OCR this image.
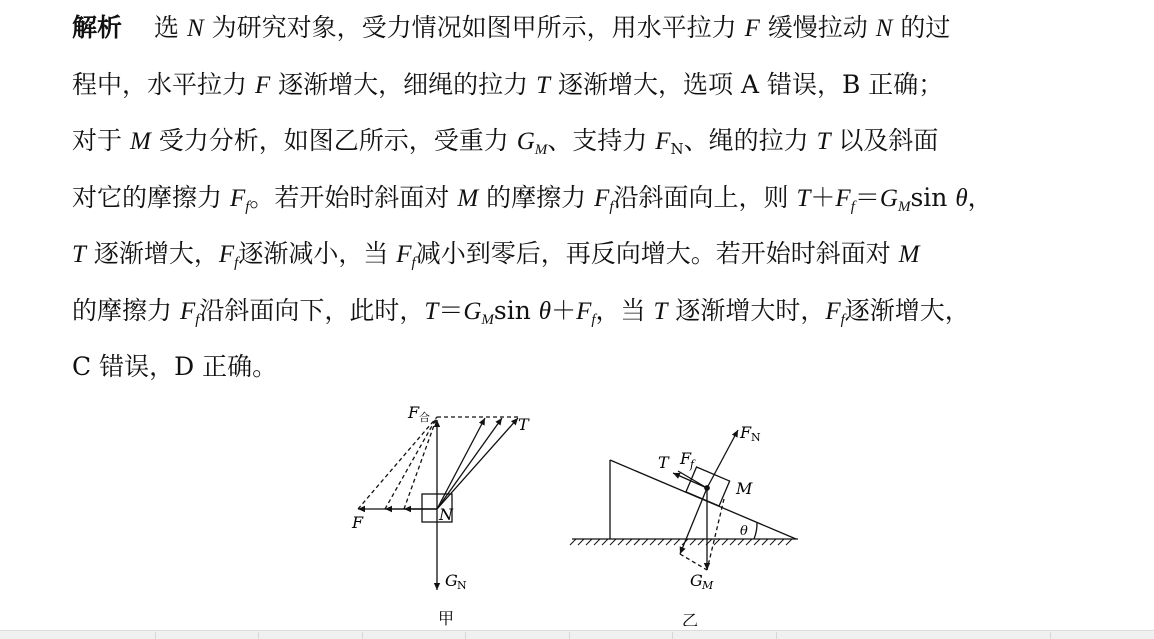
解析 选 N 为研究对象，受力情况如图甲所示，用水平拉力 F 缓慢拉动 N 的过
程中，水平拉力 F 逐渐增大，细绳的拉力 T 逐渐增大，选项 A 错误，B 正确；
对于 M 受力分析，如图乙所示，受重力 $G_M$、支持力 $F_N$、绳的拉力 T 以及斜面
对它的摩擦力 $F_f$。若开始时斜面对 M 的摩擦力 $F_f$沿斜面向上，则 $T+F_f=G_M\sin$ θ，
T 逐渐增大，$F_f$逐渐减小，当 $F_f$减小到零后，再反向增大。若开始时斜面对 M
的摩擦力 $F_f$沿斜面向下，此时，$T=G_M\sin$ $\theta+F_f$，当 T 逐渐增大时，$F_f$逐渐增大，
C 错误，D 正确。
F 合	T
F	N
G N
甲
F N
T F
f
M
θ
G M
乙
